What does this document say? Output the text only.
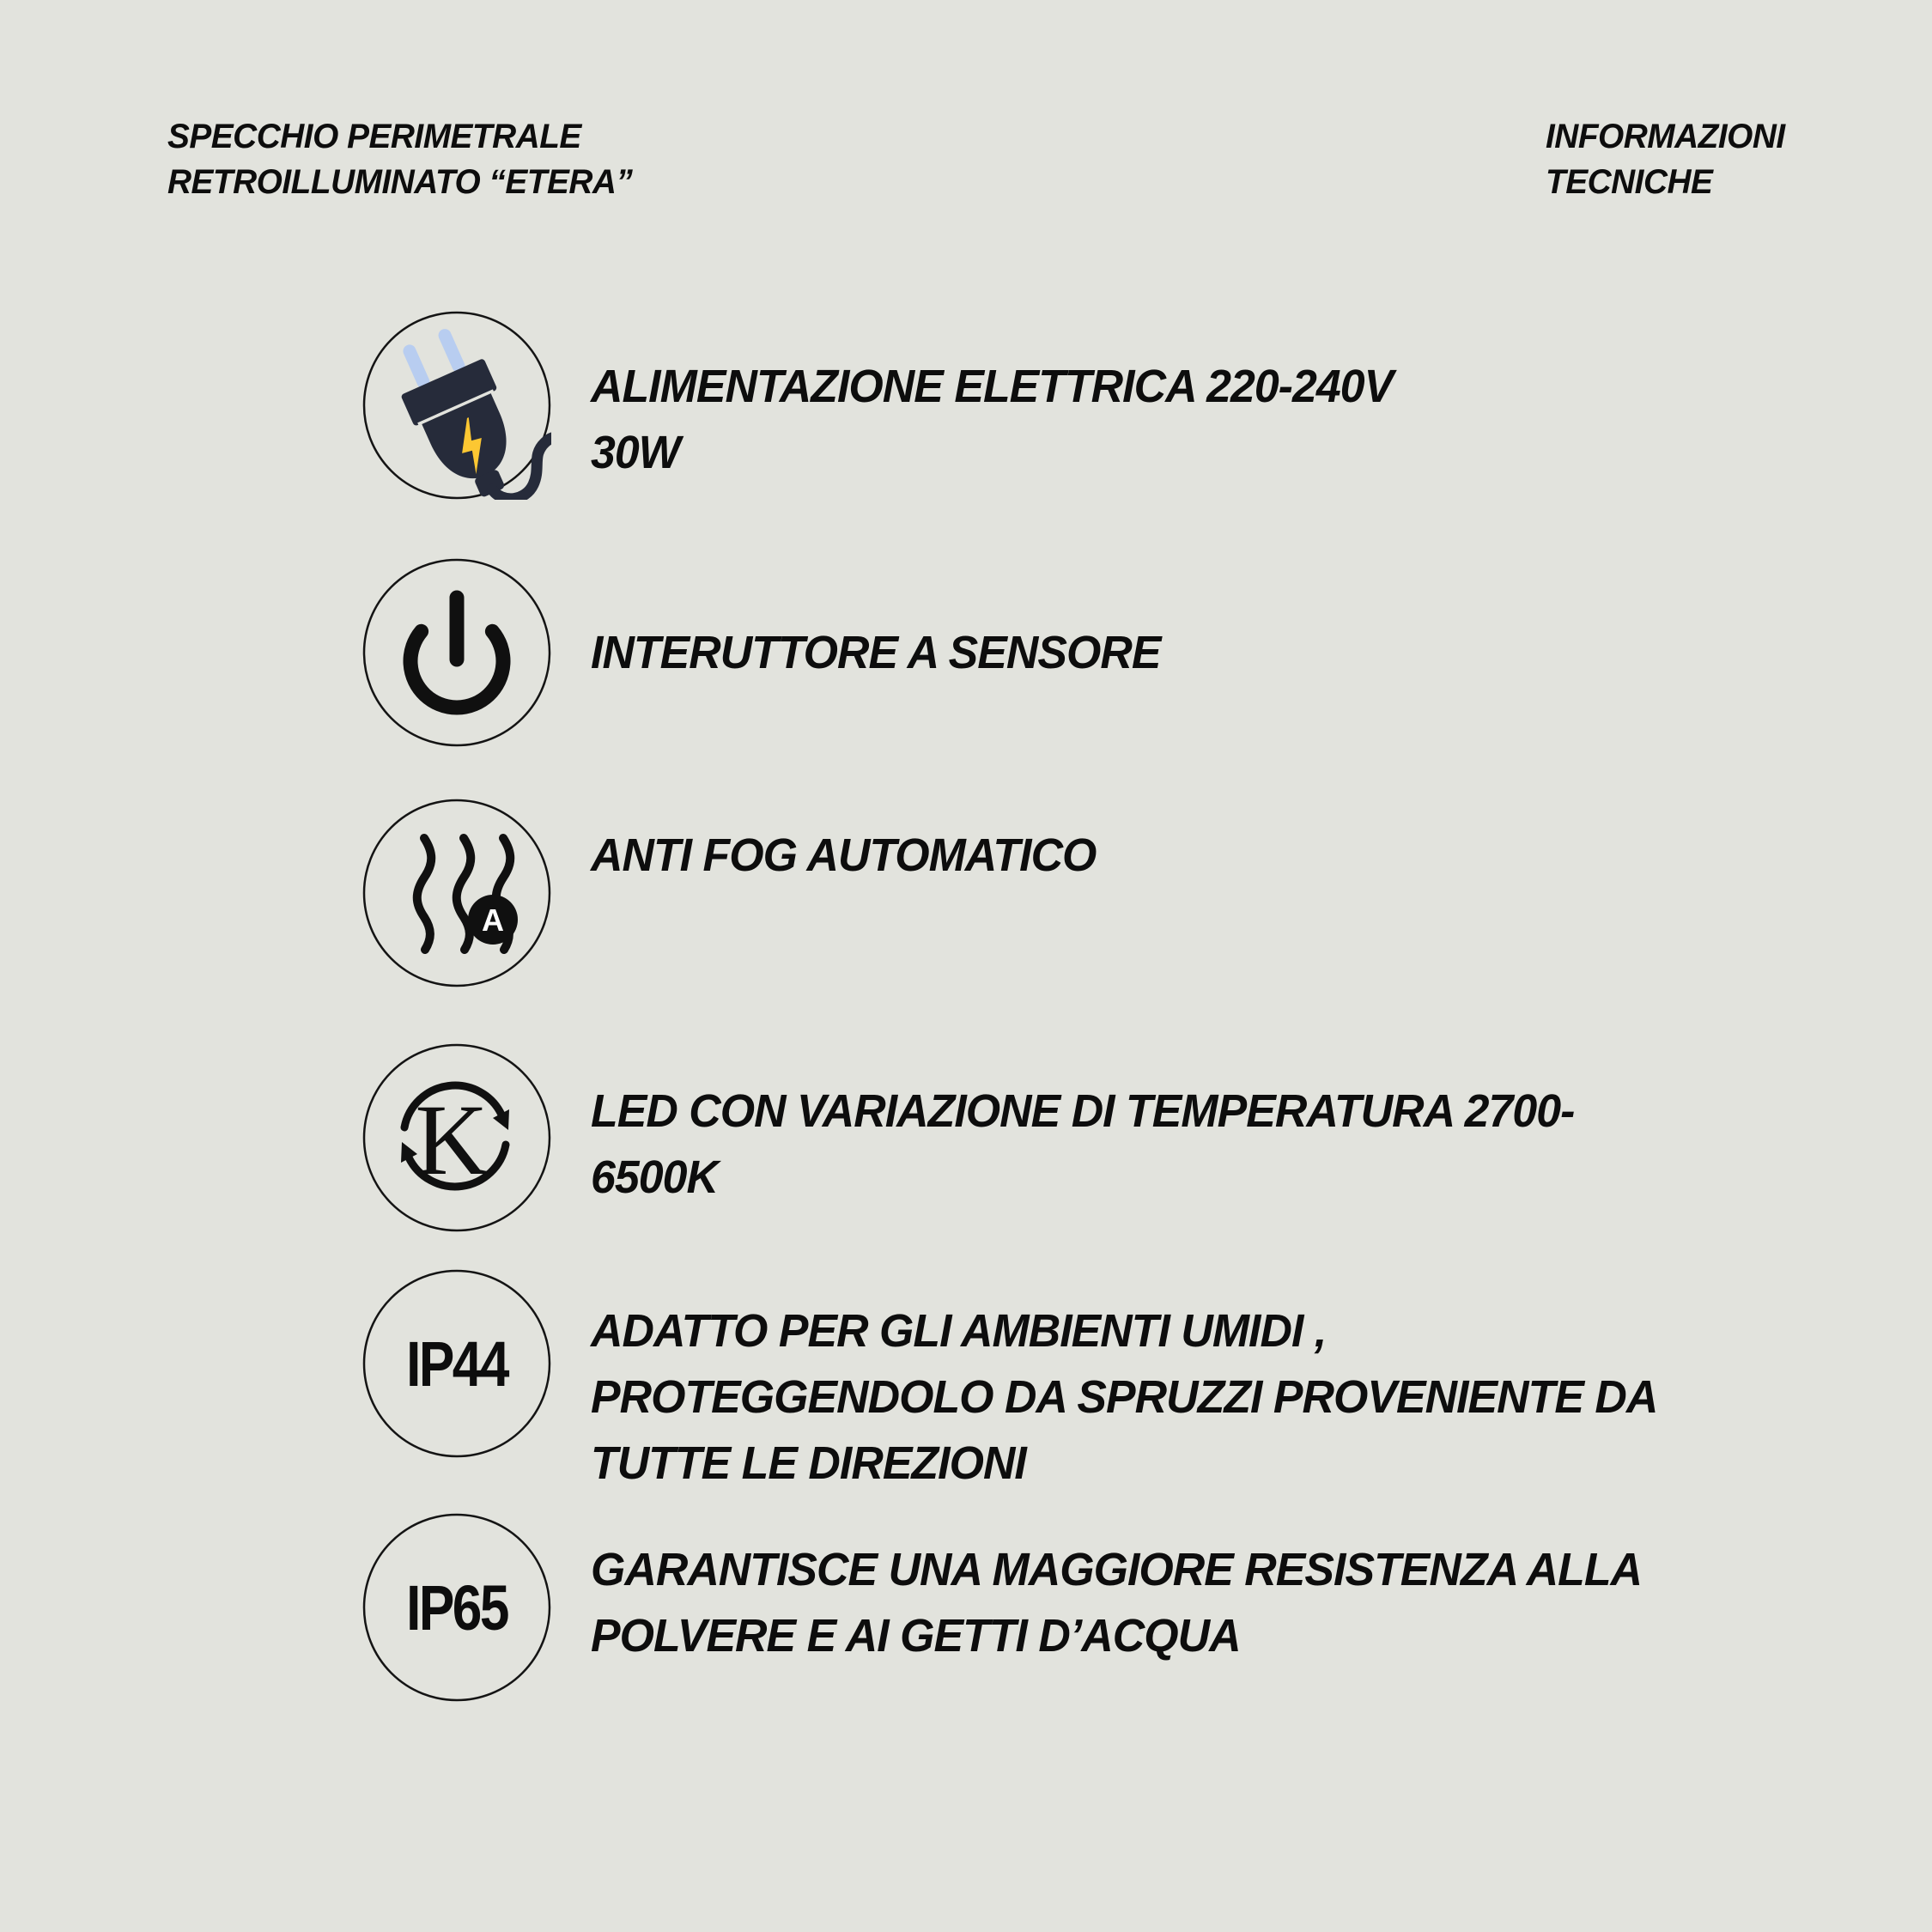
SPECCHIO PERIMETRALE
RETROILLUMINATO “ETERA”
INFORMAZIONI
TECNICHE
ALIMENTAZIONE ELETTRICA 220-240V
30W
INTERUTTORE A SENSORE
A
ANTI FOG AUTOMATICO
K LED CON VARIAZIONE DI TEMPERATURA 2700-
6500K
IP44 ADATTO PER GLI AMBIENTI UMIDI ,
PROTEGGENDOLO DA SPRUZZI PROVENIENTE DA
TUTTE LE DIREZIONI
IP65
GARANTISCE UNA MAGGIORE RESISTENZA ALLA
POLVERE E AI GETTI D’ACQUA
